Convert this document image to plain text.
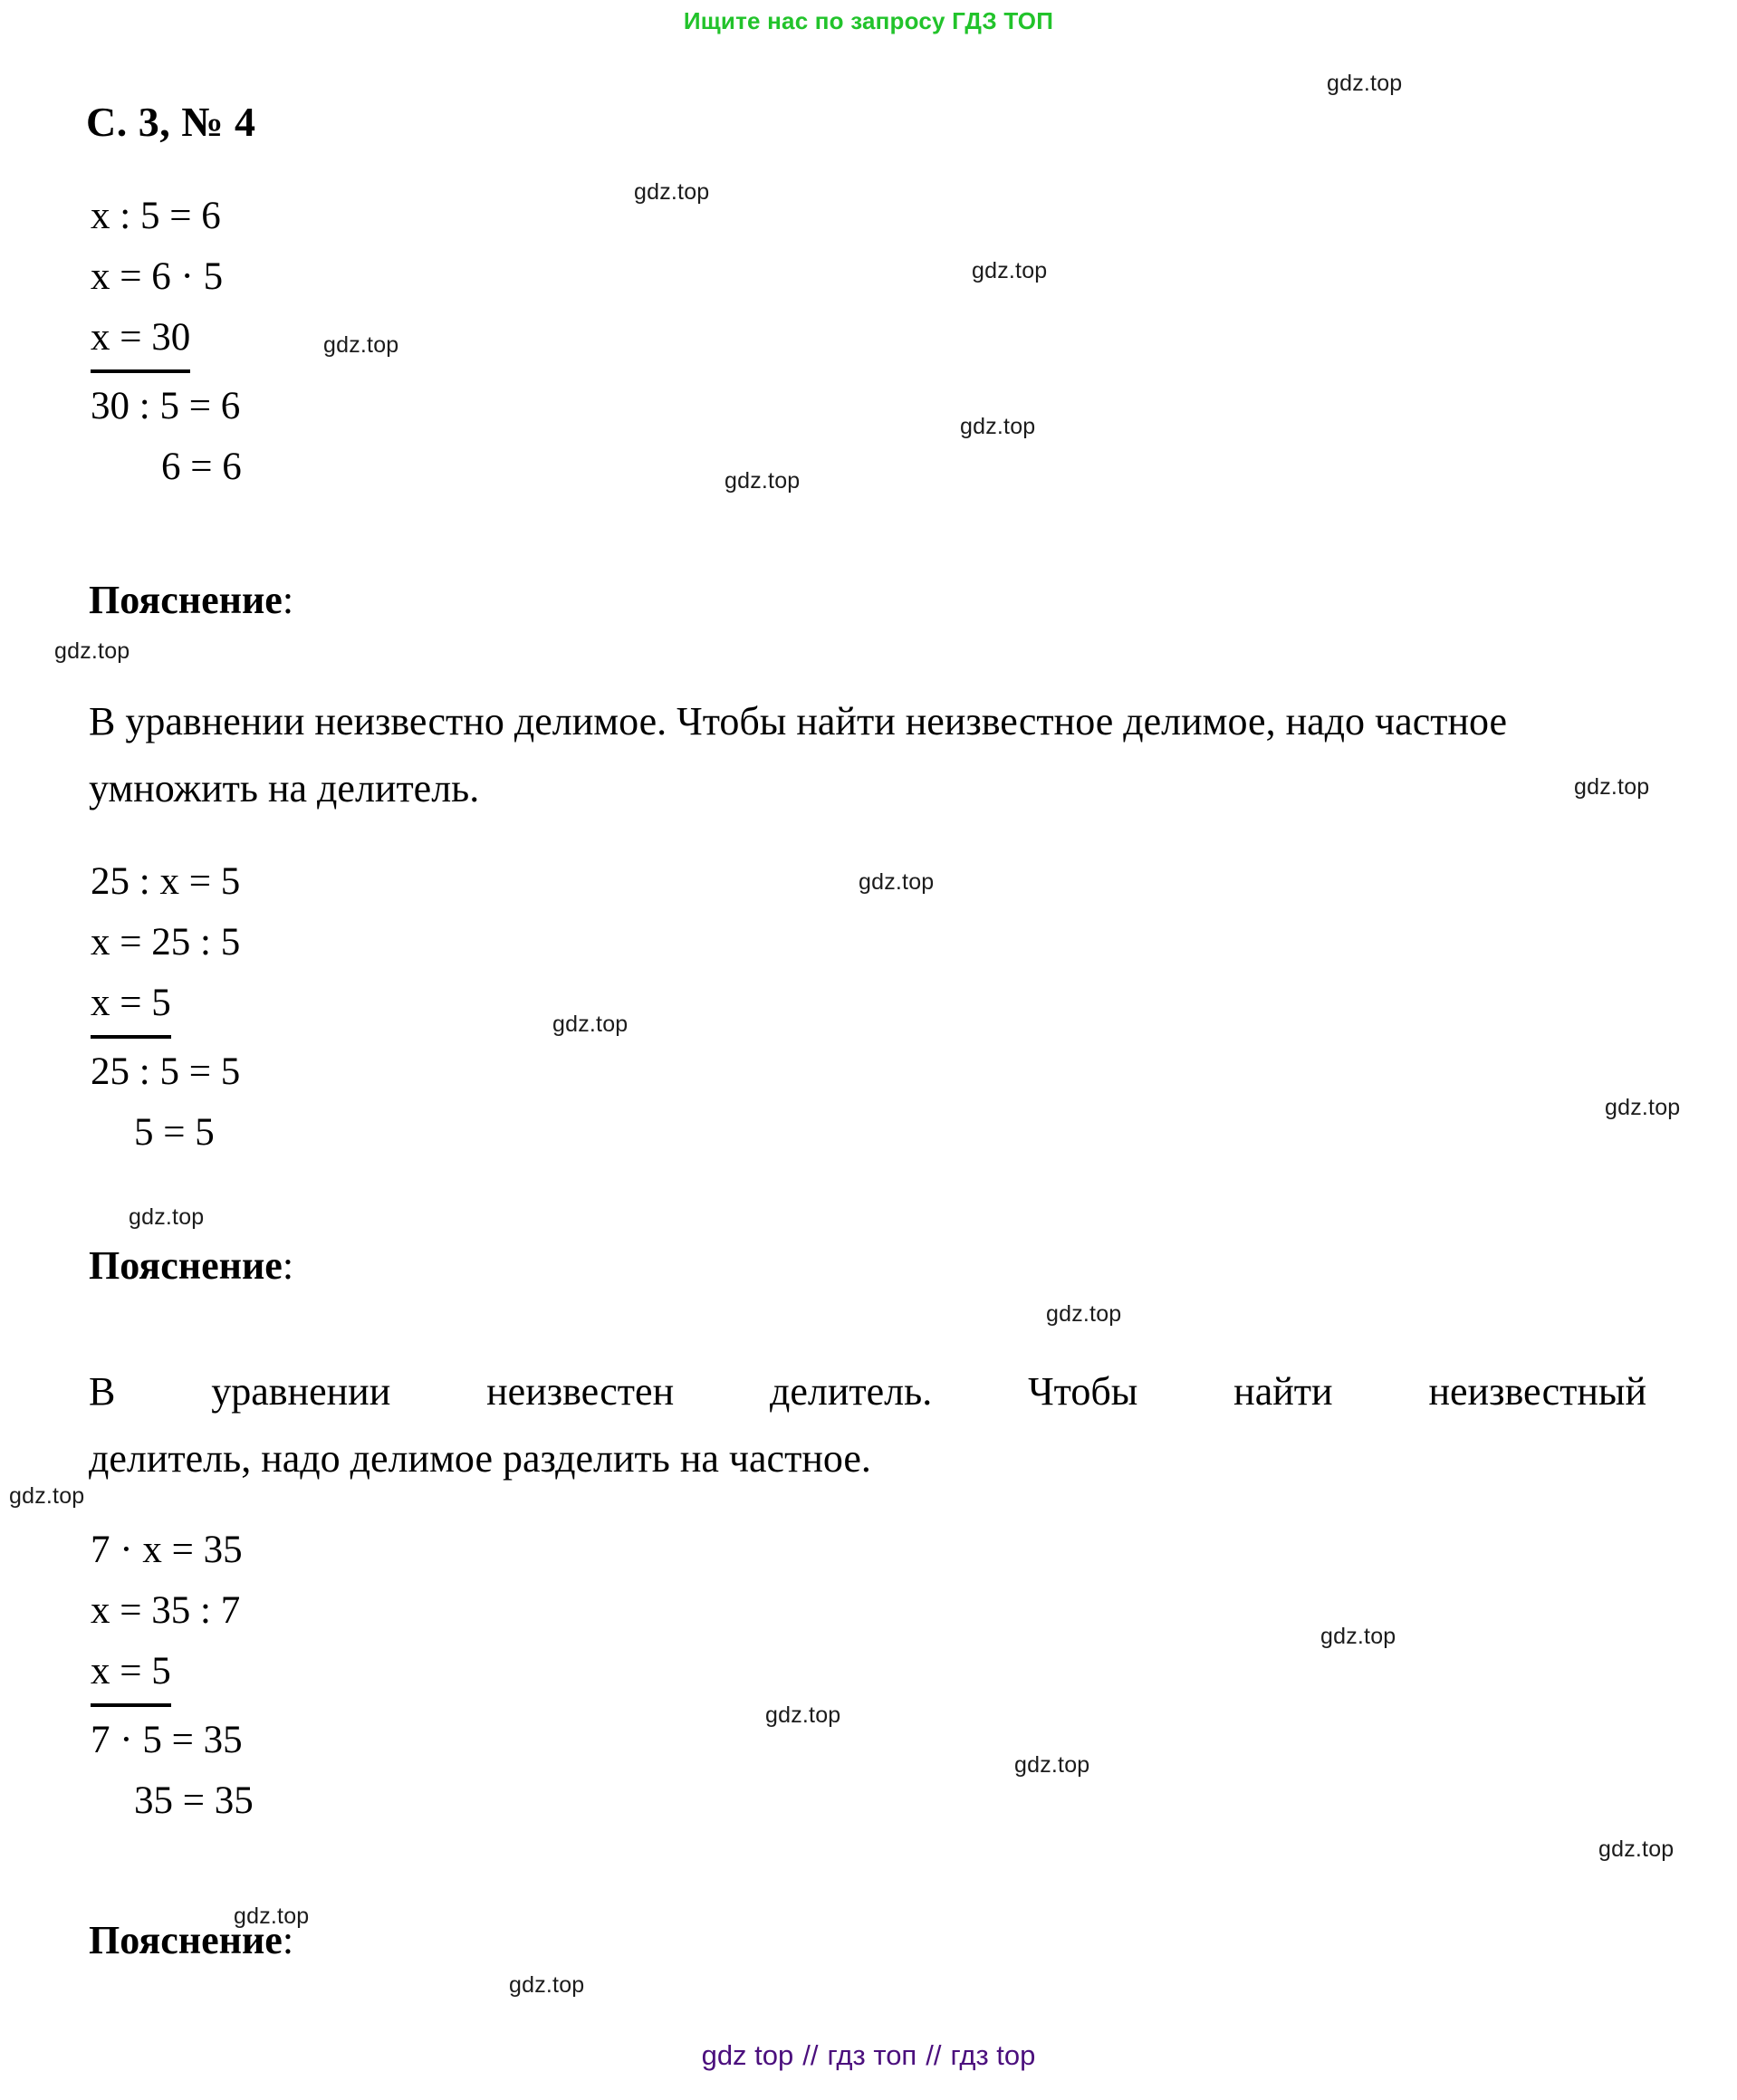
Ищите нас по запросу ГДЗ ТОП
С. 3, № 4
x : 5 = 6
x = 6 · 5
x = 30
30 : 5 = 6
6 = 6
Пояснение:
В уравнении неизвестно делимое. Чтобы найти неизвестное делимое, надо частное умножить на делитель.
25 : x = 5
x = 25 : 5
x = 5
25 : 5 = 5
5 = 5
Пояснение:
В уравнении неизвестен делитель. Чтобы найти неизвестный
делитель, надо делимое разделить на частное.
7 · x = 35
x = 35 : 7
x = 5
7 · 5 = 35
35 = 35
Пояснение:
gdz.top
gdz.top
gdz.top
gdz.top
gdz.top
gdz.top
gdz.top
gdz.top
gdz.top
gdz.top
gdz.top
gdz.top
gdz.top
gdz.top
gdz.top
gdz.top
gdz.top
gdz.top
gdz.top
gdz.top
gdz top // гдз топ // гдз top
